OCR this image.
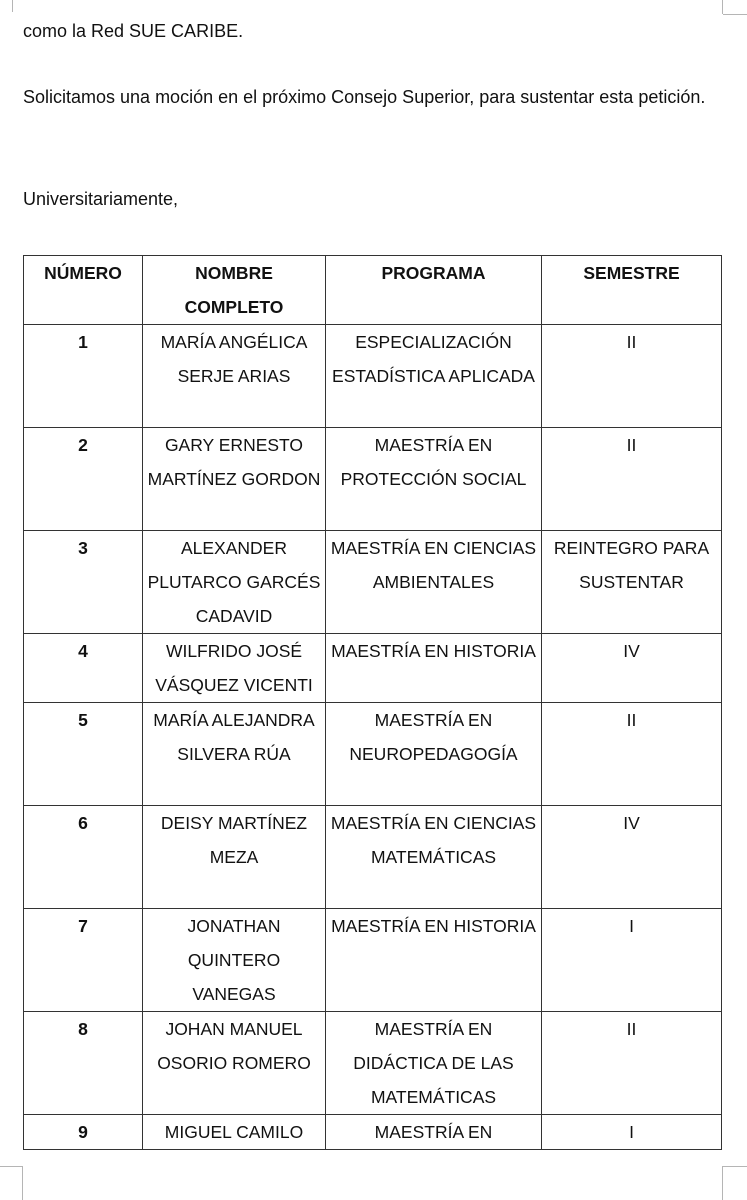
como la Red SUE CARIBE.

Solicitamos una moción en el próximo Consejo Superior, para sustentar esta petición.

Universitariamente,

NÚMERO	NOMBRE COMPLETO	PROGRAMA	SEMESTRE
1	MARÍA ANGÉLICA SERJE ARIAS	ESPECIALIZACIÓN ESTADÍSTICA APLICADA	II
2	GARY ERNESTO MARTÍNEZ GORDON	MAESTRÍA EN PROTECCIÓN SOCIAL	II
3	ALEXANDER PLUTARCO GARCÉS CADAVID	MAESTRÍA EN CIENCIAS AMBIENTALES	REINTEGRO PARA SUSTENTAR
4	WILFRIDO JOSÉ VÁSQUEZ VICENTI	MAESTRÍA EN HISTORIA	IV
5	MARÍA ALEJANDRA SILVERA RÚA	MAESTRÍA EN NEUROPEDAGOGÍA	II
6	DEISY MARTÍNEZ MEZA	MAESTRÍA EN CIENCIAS MATEMÁTICAS	IV
7	JONATHAN QUINTERO VANEGAS	MAESTRÍA EN HISTORIA	I
8	JOHAN MANUEL OSORIO ROMERO	MAESTRÍA EN DIDÁCTICA DE LAS MATEMÁTICAS	II
9	MIGUEL CAMILO	MAESTRÍA EN	I
